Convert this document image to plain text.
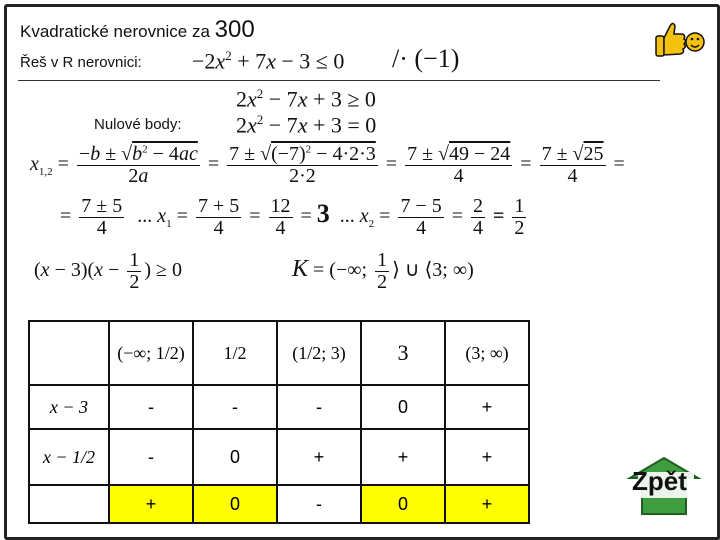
Kvadratické nerovnice za 300
Řeš v R nerovnici: $-2x^2 + 7x - 3 \le 0 /\cdot (-1)$
$2x^2 - 7x + 3 \ge 0$
Nulové body: $2x^2 - 7x + 3 = 0$
$x_{1,2} = \frac{-b \pm √b^2 - 4ac}{2a} = \frac{7 \pm √(-7)^2 - 4\cdot 2\cdot 3}{2\cdot 2} = \frac{7 \pm √49 - 24}{4} = \frac{7 \pm √25}{4}$ =
= $\frac{7 \pm 5}{4}$ ... $x_1 = \frac{7 + 5}{4} = \frac{12}{4} = 3$  ... $x_2 = \frac{7 - 5}{4} = \frac{2}{4} = \frac{1}{2}$
$(x - 3)(x - \frac{1}{2}$ ) ≥ 0	K = (−∞; $\frac{1}{2}$ ⟩ ∪ ⟨3; ∞)
	(−∞; 1/2)	1/2	(1/2; 3)	3	(3; ∞)
x − 3	-	-	-	0	+
x − 1/2	-	0	+	+	+
	+	0	-	0	+
Zpět
